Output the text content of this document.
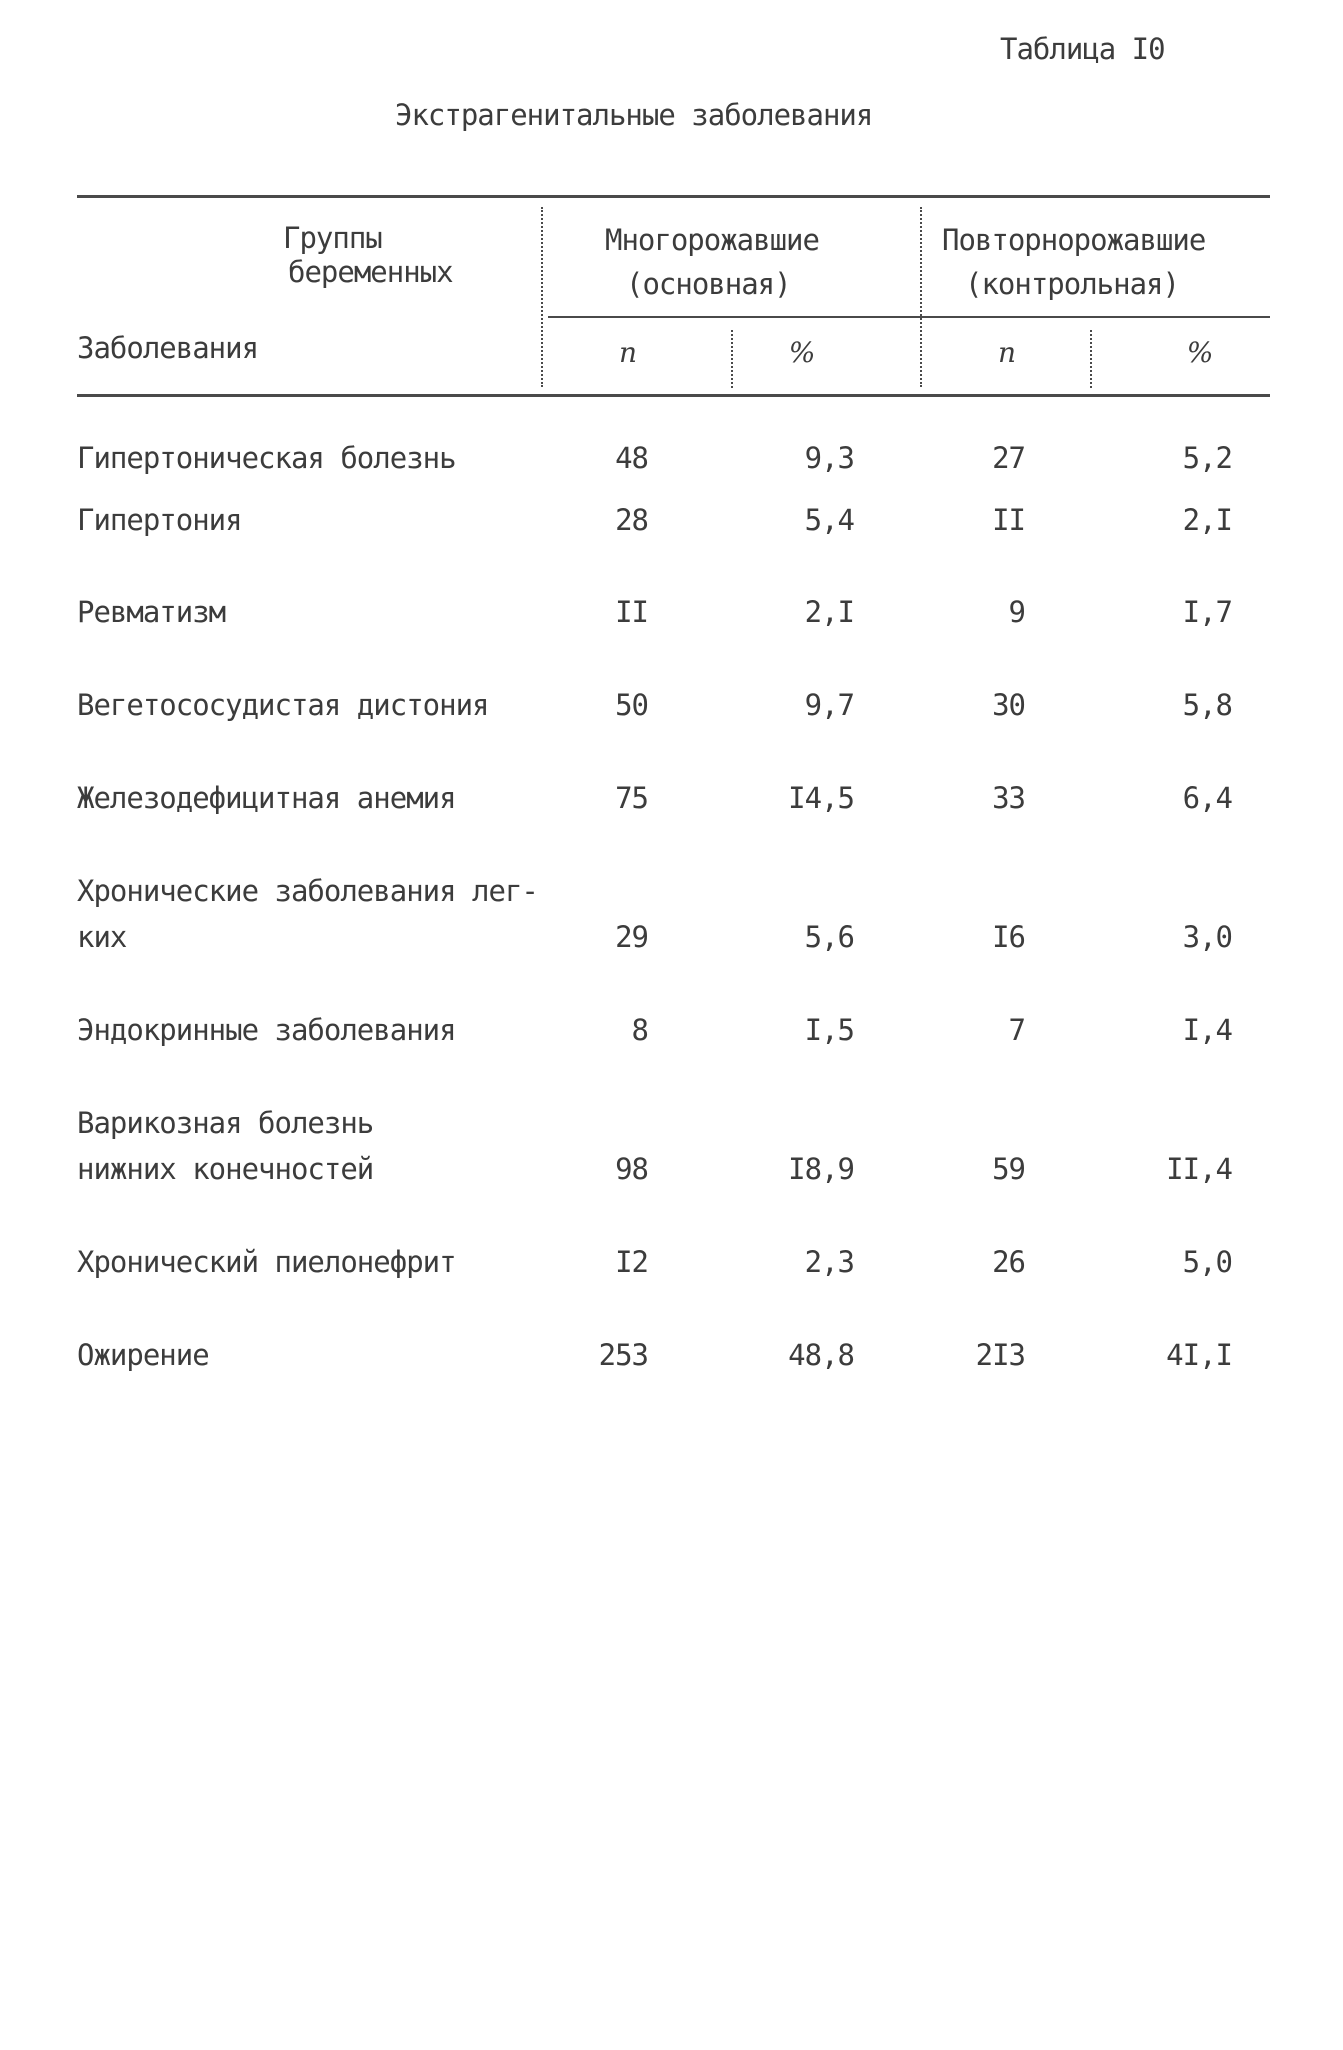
Таблица I0
Экстрагенитальные заболевания
Группы
беременных
Заболевания
Многорожавшие
(основная)
Повторнорожавшие
(контрольная)
n	%	n	%
Гипертоническая болезнь	48	9,3	27	5,2
Гипертония	28	5,4	II	2,I
Ревматизм	II	2,I	9	I,7
Вегетососудистая дистония	50	9,7	30	5,8
Железодефицитная анемия	75	I4,5	33	6,4
Хронические заболевания лег-
ких	29	5,6	I6	3,0
Эндокринные заболевания	8	I,5	7	I,4
Варикозная болезнь
нижних конечностей	98	I8,9	59	II,4
Хронический пиелонефрит	I2	2,3	26	5,0
Ожирение	253	48,8	2I3	4I,I
